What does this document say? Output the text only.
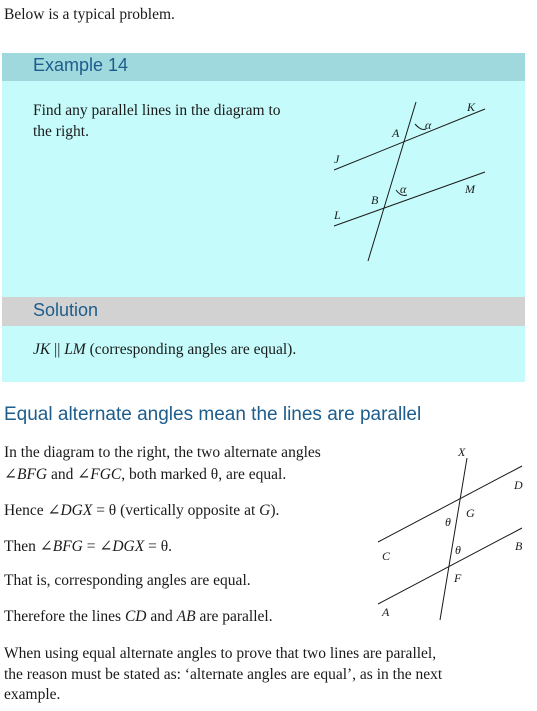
Below is a typical problem.
Example 14
Find any parallel lines in the diagram to
the right.
K
A
α
J
M
B
α
L
Solution
JK || LM (corresponding angles are equal).
Equal alternate angles mean the lines are parallel
In the diagram to the right, the two alternate angles
∠BFG and ∠FGC, both marked θ, are equal.
Hence ∠DGX = θ (vertically opposite at G).
Then ∠BFG = ∠DGX = θ.
That is, corresponding angles are equal.
Therefore the lines CD and AB are parallel.
X
D
G
θ
θ
C
B
F
A
When using equal alternate angles to prove that two lines are parallel,
the reason must be stated as: ‘alternate angles are equal’, as in the next
example.
